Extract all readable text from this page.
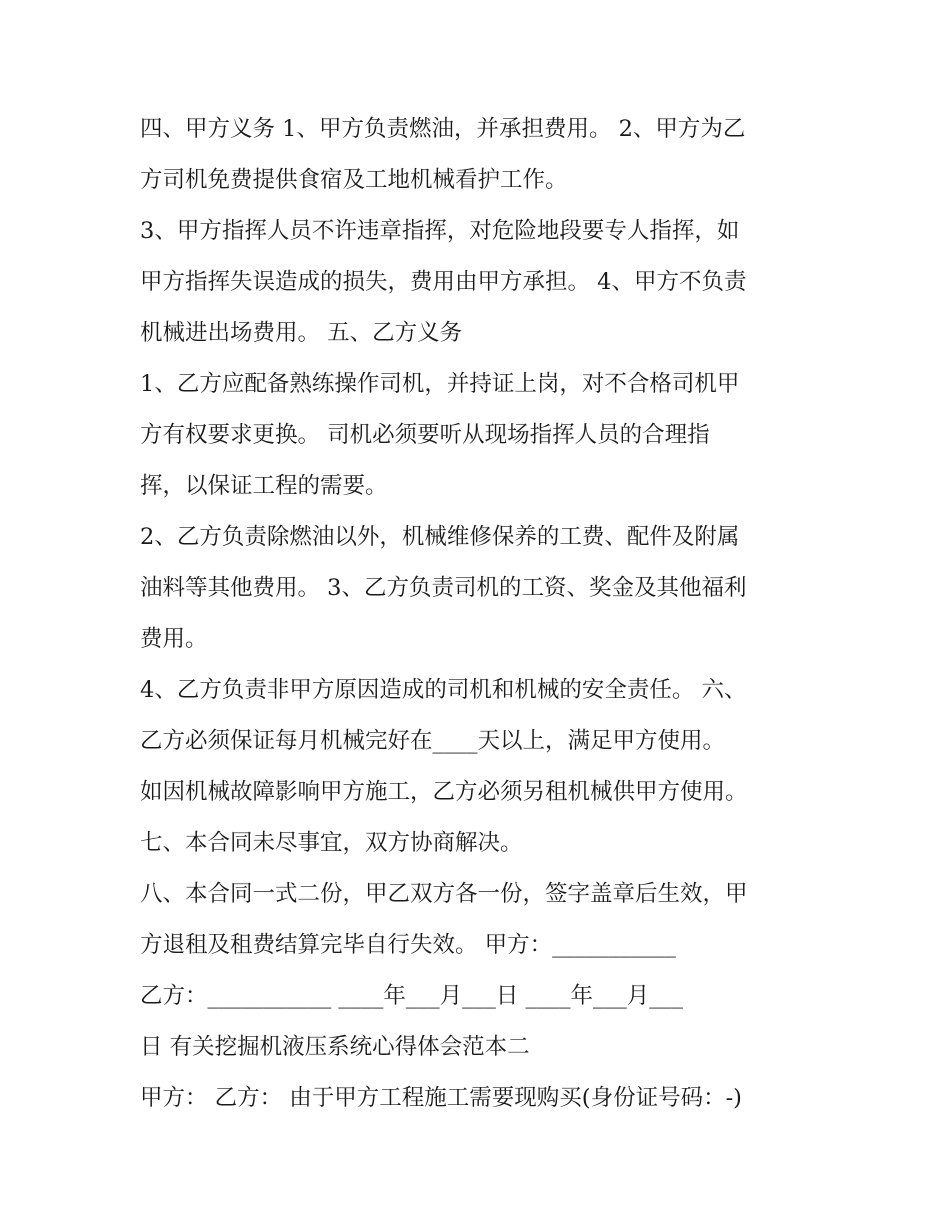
四、甲方义务 1、甲方负责燃油，并承担费用。 2、甲方为乙
方司机免费提供食宿及工地机械看护工作。
3、甲方指挥人员不许违章指挥，对危险地段要专人指挥，如
甲方指挥失误造成的损失，费用由甲方承担。 4、甲方不负责
机械进出场费用。 五、乙方义务
1、乙方应配备熟练操作司机，并持证上岗，对不合格司机甲
方有权要求更换。 司机必须要听从现场指挥人员的合理指
挥，以保证工程的需要。
2、乙方负责除燃油以外，机械维修保养的工费、配件及附属
油料等其他费用。 3、乙方负责司机的工资、奖金及其他福利
费用。
4、乙方负责非甲方原因造成的司机和机械的安全责任。 六、
乙方必须保证每月机械完好在____天以上，满足甲方使用。
如因机械故障影响甲方施工，乙方必须另租机械供甲方使用。
七、本合同未尽事宜，双方协商解决。
八、本合同一式二份，甲乙双方各一份，签字盖章后生效，甲
方退租及租费结算完毕自行失效。 甲方：___________
乙方：___________ ____年___月___日 ____年___月___
日 有关挖掘机液压系统心得体会范本二
甲方： 乙方： 由于甲方工程施工需要现购买(身份证号码：-)
